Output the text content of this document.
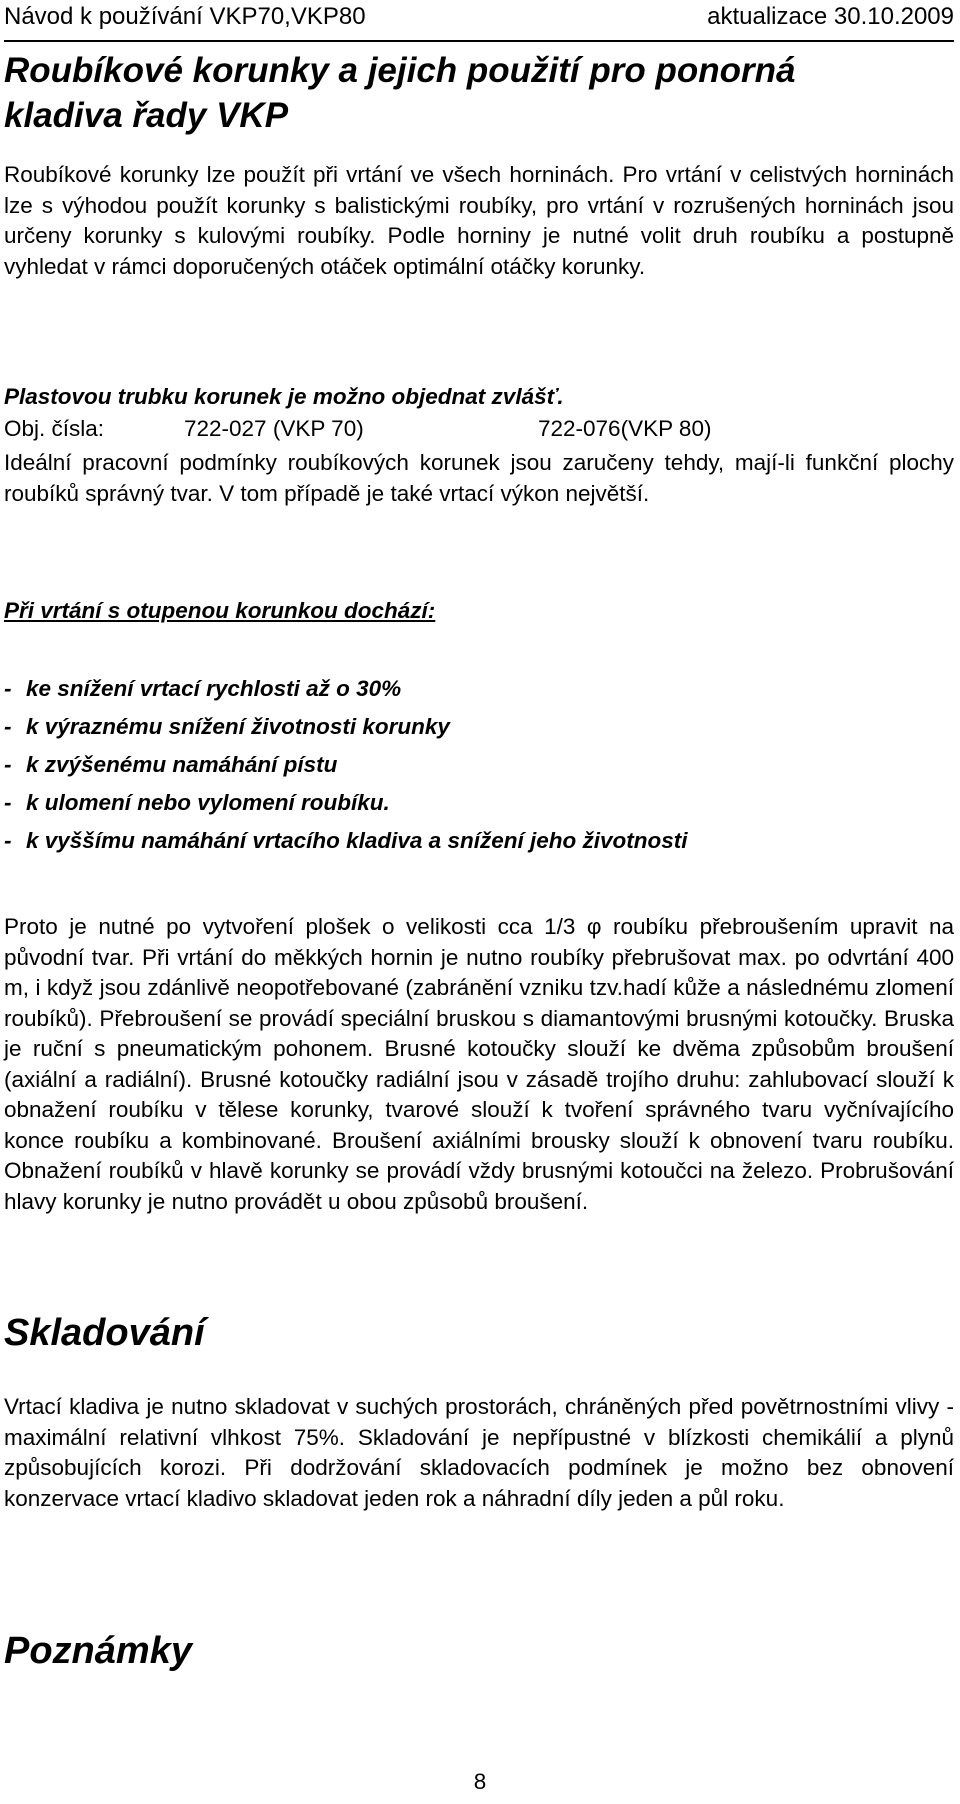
Návod k používání VKP70,VKP80	aktualizace 30.10.2009
Roubíkové korunky a jejich použití pro ponorná
kladiva řady VKP

Roubíkové korunky lze použít při vrtání ve všech horninách. Pro vrtání v celistvých horninách lze s výhodou použít korunky s balistickými roubíky, pro vrtání v rozrušených horninách jsou určeny korunky s kulovými roubíky. Podle horniny je nutné volit druh roubíku a postupně vyhledat v rámci doporučených otáček optimální otáčky korunky.

Plastovou trubku korunek je možno objednat zvlášť.

Obj. čísla:	722-027 (VKP 70)	722-076(VKP 80)

Ideální pracovní podmínky roubíkových korunek jsou zaručeny tehdy, mají-li funkční plochy roubíků správný tvar. V tom případě je také vrtací výkon největší.

Při vrtání s otupenou korunkou dochází:

- ke snížení vrtací rychlosti až o 30%
- k výraznému snížení životnosti korunky
- k zvýšenému namáhání pístu
- k ulomení nebo vylomení roubíku.
- k vyššímu namáhání vrtacího kladiva a snížení jeho životnosti

Proto je nutné po vytvoření plošek o velikosti cca 1/3 φ roubíku přebroušením upravit na původní tvar. Při vrtání do měkkých hornin je nutno roubíky přebrušovat max. po odvrtání 400 m, i když jsou zdánlivě neopotřebované (zabránění vzniku tzv.hadí kůže a následnému zlomení roubíků). Přebroušení se provádí speciální bruskou s diamantovými brusnými kotoučky. Bruska je ruční s pneumatickým pohonem. Brusné kotoučky slouží ke dvěma způsobům broušení (axiální a radiální). Brusné kotoučky radiální jsou v zásadě trojího druhu: zahlubovací slouží k obnažení roubíku v tělese korunky, tvarové slouží k tvoření správného tvaru vyčnívajícího konce roubíku a kombinované. Broušení axiálními brousky slouží k obnovení tvaru roubíku. Obnažení roubíků v hlavě korunky se provádí vždy brusnými kotoučci na železo. Probrušování hlavy korunky je nutno provádět u obou způsobů broušení.

Skladování

Vrtací kladiva je nutno skladovat v suchých prostorách, chráněných před povětrnostními vlivy - maximální relativní vlhkost 75%. Skladování je nepřípustné v blízkosti chemikálií a plynů způsobujících korozi. Při dodržování skladovacích podmínek je možno bez obnovení konzervace vrtací kladivo skladovat jeden rok a náhradní díly jeden a půl roku.

Poznámky
8
